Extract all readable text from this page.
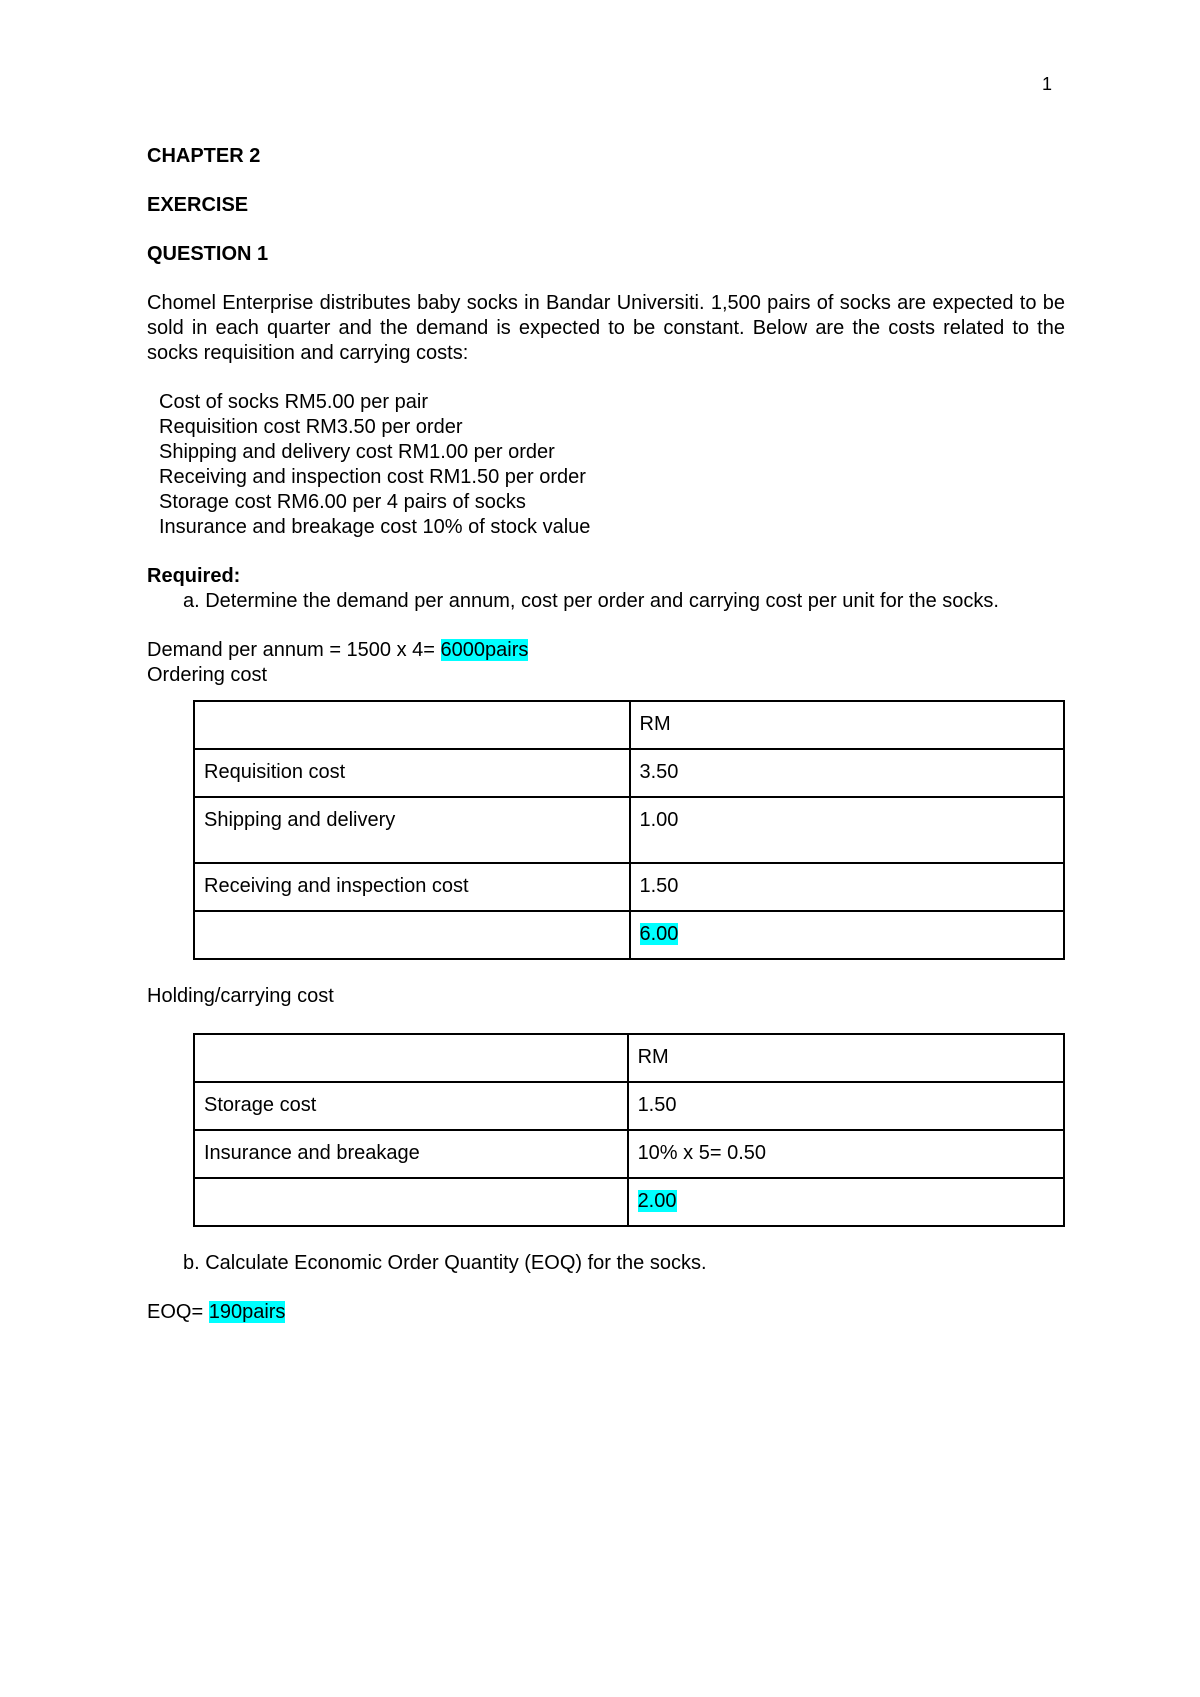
1

CHAPTER 2

EXERCISE

QUESTION 1

Chomel Enterprise distributes baby socks in Bandar Universiti. 1,500 pairs of socks are expected to be sold in each quarter and the demand is expected to be constant. Below are the costs related to the socks requisition and carrying costs:

Cost of socks RM5.00 per pair
Requisition cost RM3.50 per order
Shipping and delivery cost RM1.00 per order
Receiving and inspection cost RM1.50 per order
Storage cost RM6.00 per 4 pairs of socks
Insurance and breakage cost 10% of stock value

Required:

a. Determine the demand per annum, cost per order and carrying cost per unit for the socks.

Demand per annum = 1500 x 4= 6000pairs

Ordering cost

	RM
Requisition cost	3.50
Shipping and delivery	1.00
Receiving and inspection cost	1.50
	6.00

Holding/carrying cost

	RM
Storage cost	1.50
Insurance and breakage	10% x 5= 0.50
	2.00

b. Calculate Economic Order Quantity (EOQ) for the socks.

EOQ= 190pairs
